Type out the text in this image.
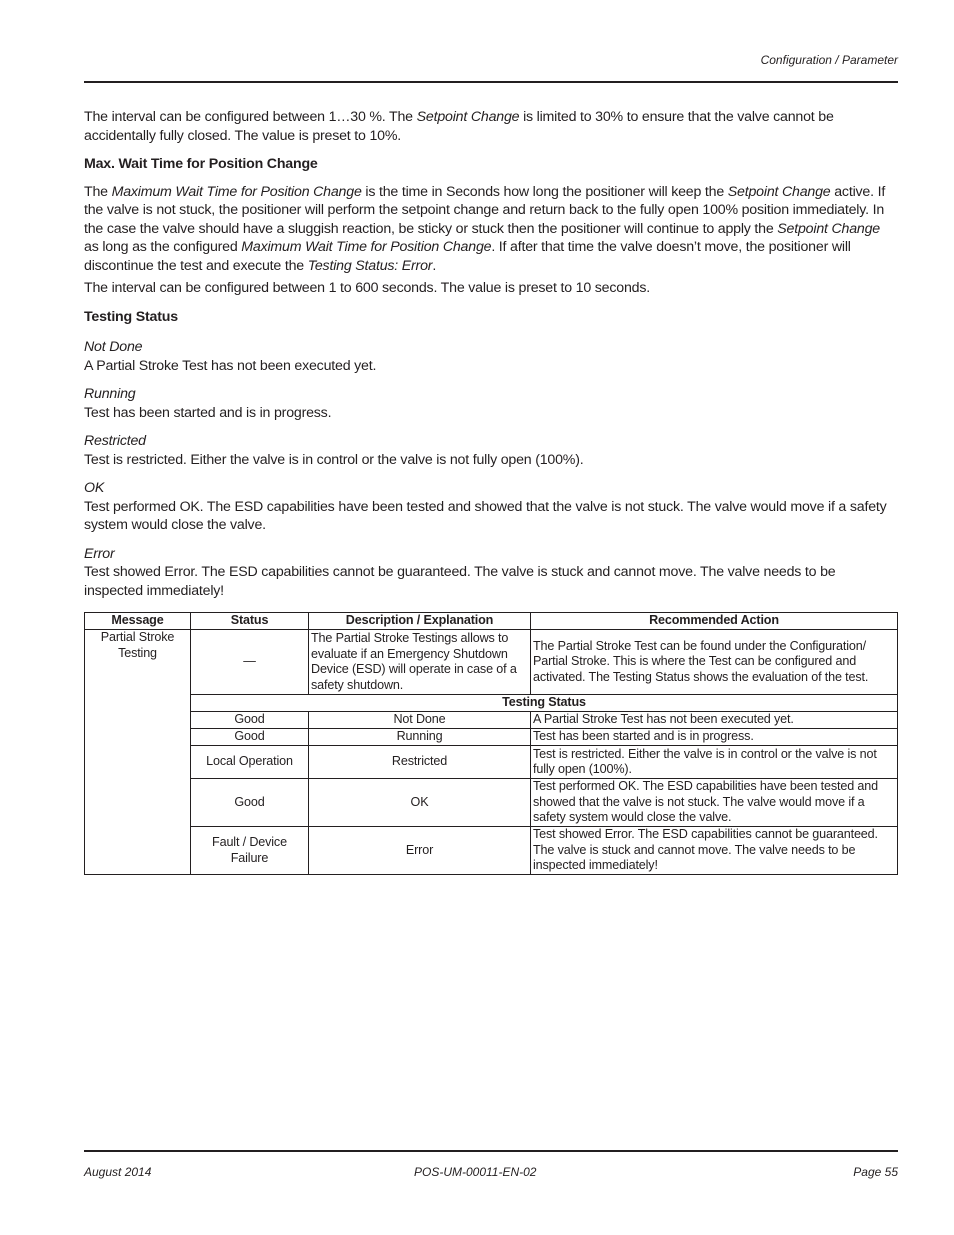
Configuration / Parameter

The interval can be configured between 1…30 %. The Setpoint Change is limited to 30% to ensure that the valve cannot be accidentally fully closed. The value is preset to 10%.

Max. Wait Time for Position Change

The Maximum Wait Time for Position Change is the time in Seconds how long the positioner will keep the Setpoint Change active. If the valve is not stuck, the positioner will perform the setpoint change and return back to the fully open 100% position immediately. In the case the valve should have a sluggish reaction, be sticky or stuck then the positioner will continue to apply the Setpoint Change as long as the configured Maximum Wait Time for Position Change. If after that time the valve doesn’t move, the positioner will discontinue the test and execute the Testing Status: Error.

The interval can be configured between 1 to 600 seconds. The value is preset to 10 seconds.

Testing Status

Not Done
A Partial Stroke Test has not been executed yet.
Running
Test has been started and is in progress.
Restricted
Test is restricted. Either the valve is in control or the valve is not fully open (100%).
OK
Test performed OK. The ESD capabilities have been tested and showed that the valve is not stuck. The valve would move if a safety system would close the valve.
Error
Test showed Error. The ESD capabilities cannot be guaranteed. The valve is stuck and cannot move. The valve needs to be inspected immediately!
Message	Status	Description / Explanation	Recommended Action
Partial Stroke Testing	—	The Partial Stroke Testings allows to evaluate if an Emergency Shutdown Device (ESD) will operate in case of a safety shutdown.	The Partial Stroke Test can be found under the Configuration/ Partial Stroke. This is where the Test can be configured and activated. The Testing Status shows the evaluation of the test.
	Testing Status		
	Good	Not Done	A Partial Stroke Test has not been executed yet.
	Good	Running	Test has been started and is in progress.
	Local Operation	Restricted	Test is restricted. Either the valve is in control or the valve is not fully open (100%).
	Good	OK	Test performed OK. The ESD capabilities have been tested and showed that the valve is not stuck. The valve would move if a safety system would close the valve.
	Fault / Device Failure	Error	Test showed Error. The ESD capabilities cannot be guaranteed. The valve is stuck and cannot move. The valve needs to be inspected immediately!
August 2014	POS-UM-00011-EN-02	Page 55
